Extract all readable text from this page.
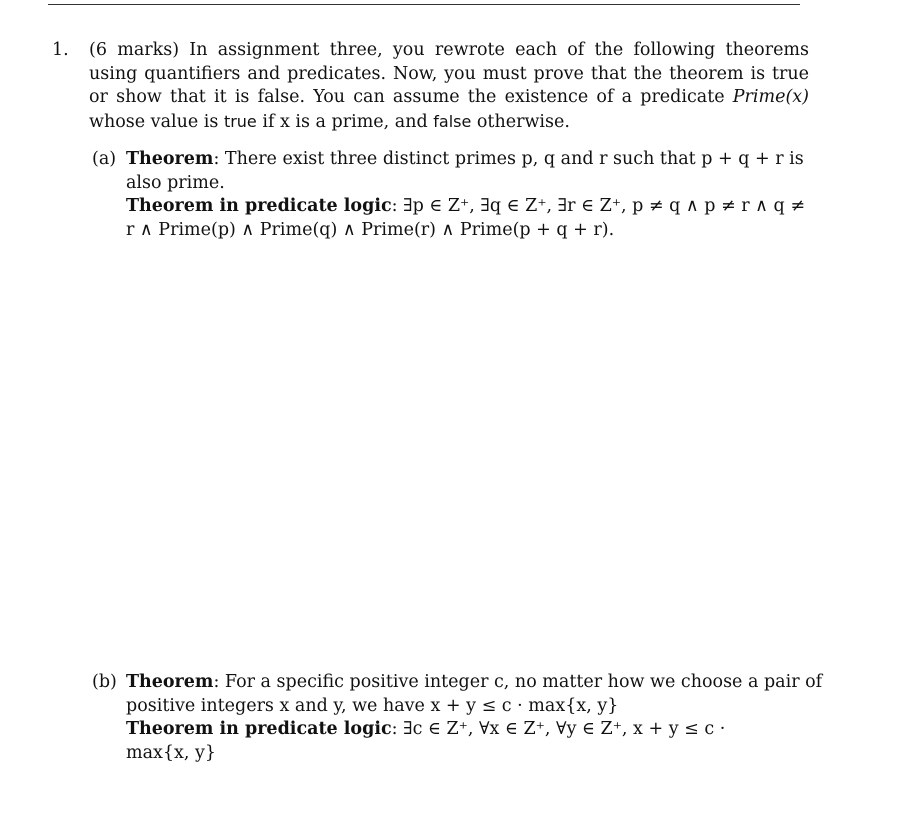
1. (6 marks) In assignment three, you rewrote each of the following theorems using quantifiers and predicates. Now, you must prove that the theorem is true or show that it is false. You can assume the existence of a predicate Prime(x) whose value is true if x is a prime, and false otherwise.
(a) Theorem: There exist three distinct primes p, q and r such that p + q + r is
also prime.
Theorem in predicate logic: ∃p ∈ Z⁺, ∃q ∈ Z⁺, ∃r ∈ Z⁺, p ≠ q ∧ p ≠ r ∧ q ≠
r ∧ Prime(p) ∧ Prime(q) ∧ Prime(r) ∧ Prime(p + q + r).
(b) Theorem: For a specific positive integer c, no matter how we choose a pair of
positive integers x and y, we have x + y ≤ c · max{x, y}
Theorem in predicate logic: ∃c ∈ Z⁺, ∀x ∈ Z⁺, ∀y ∈ Z⁺, x + y ≤ c ·
max{x, y}
